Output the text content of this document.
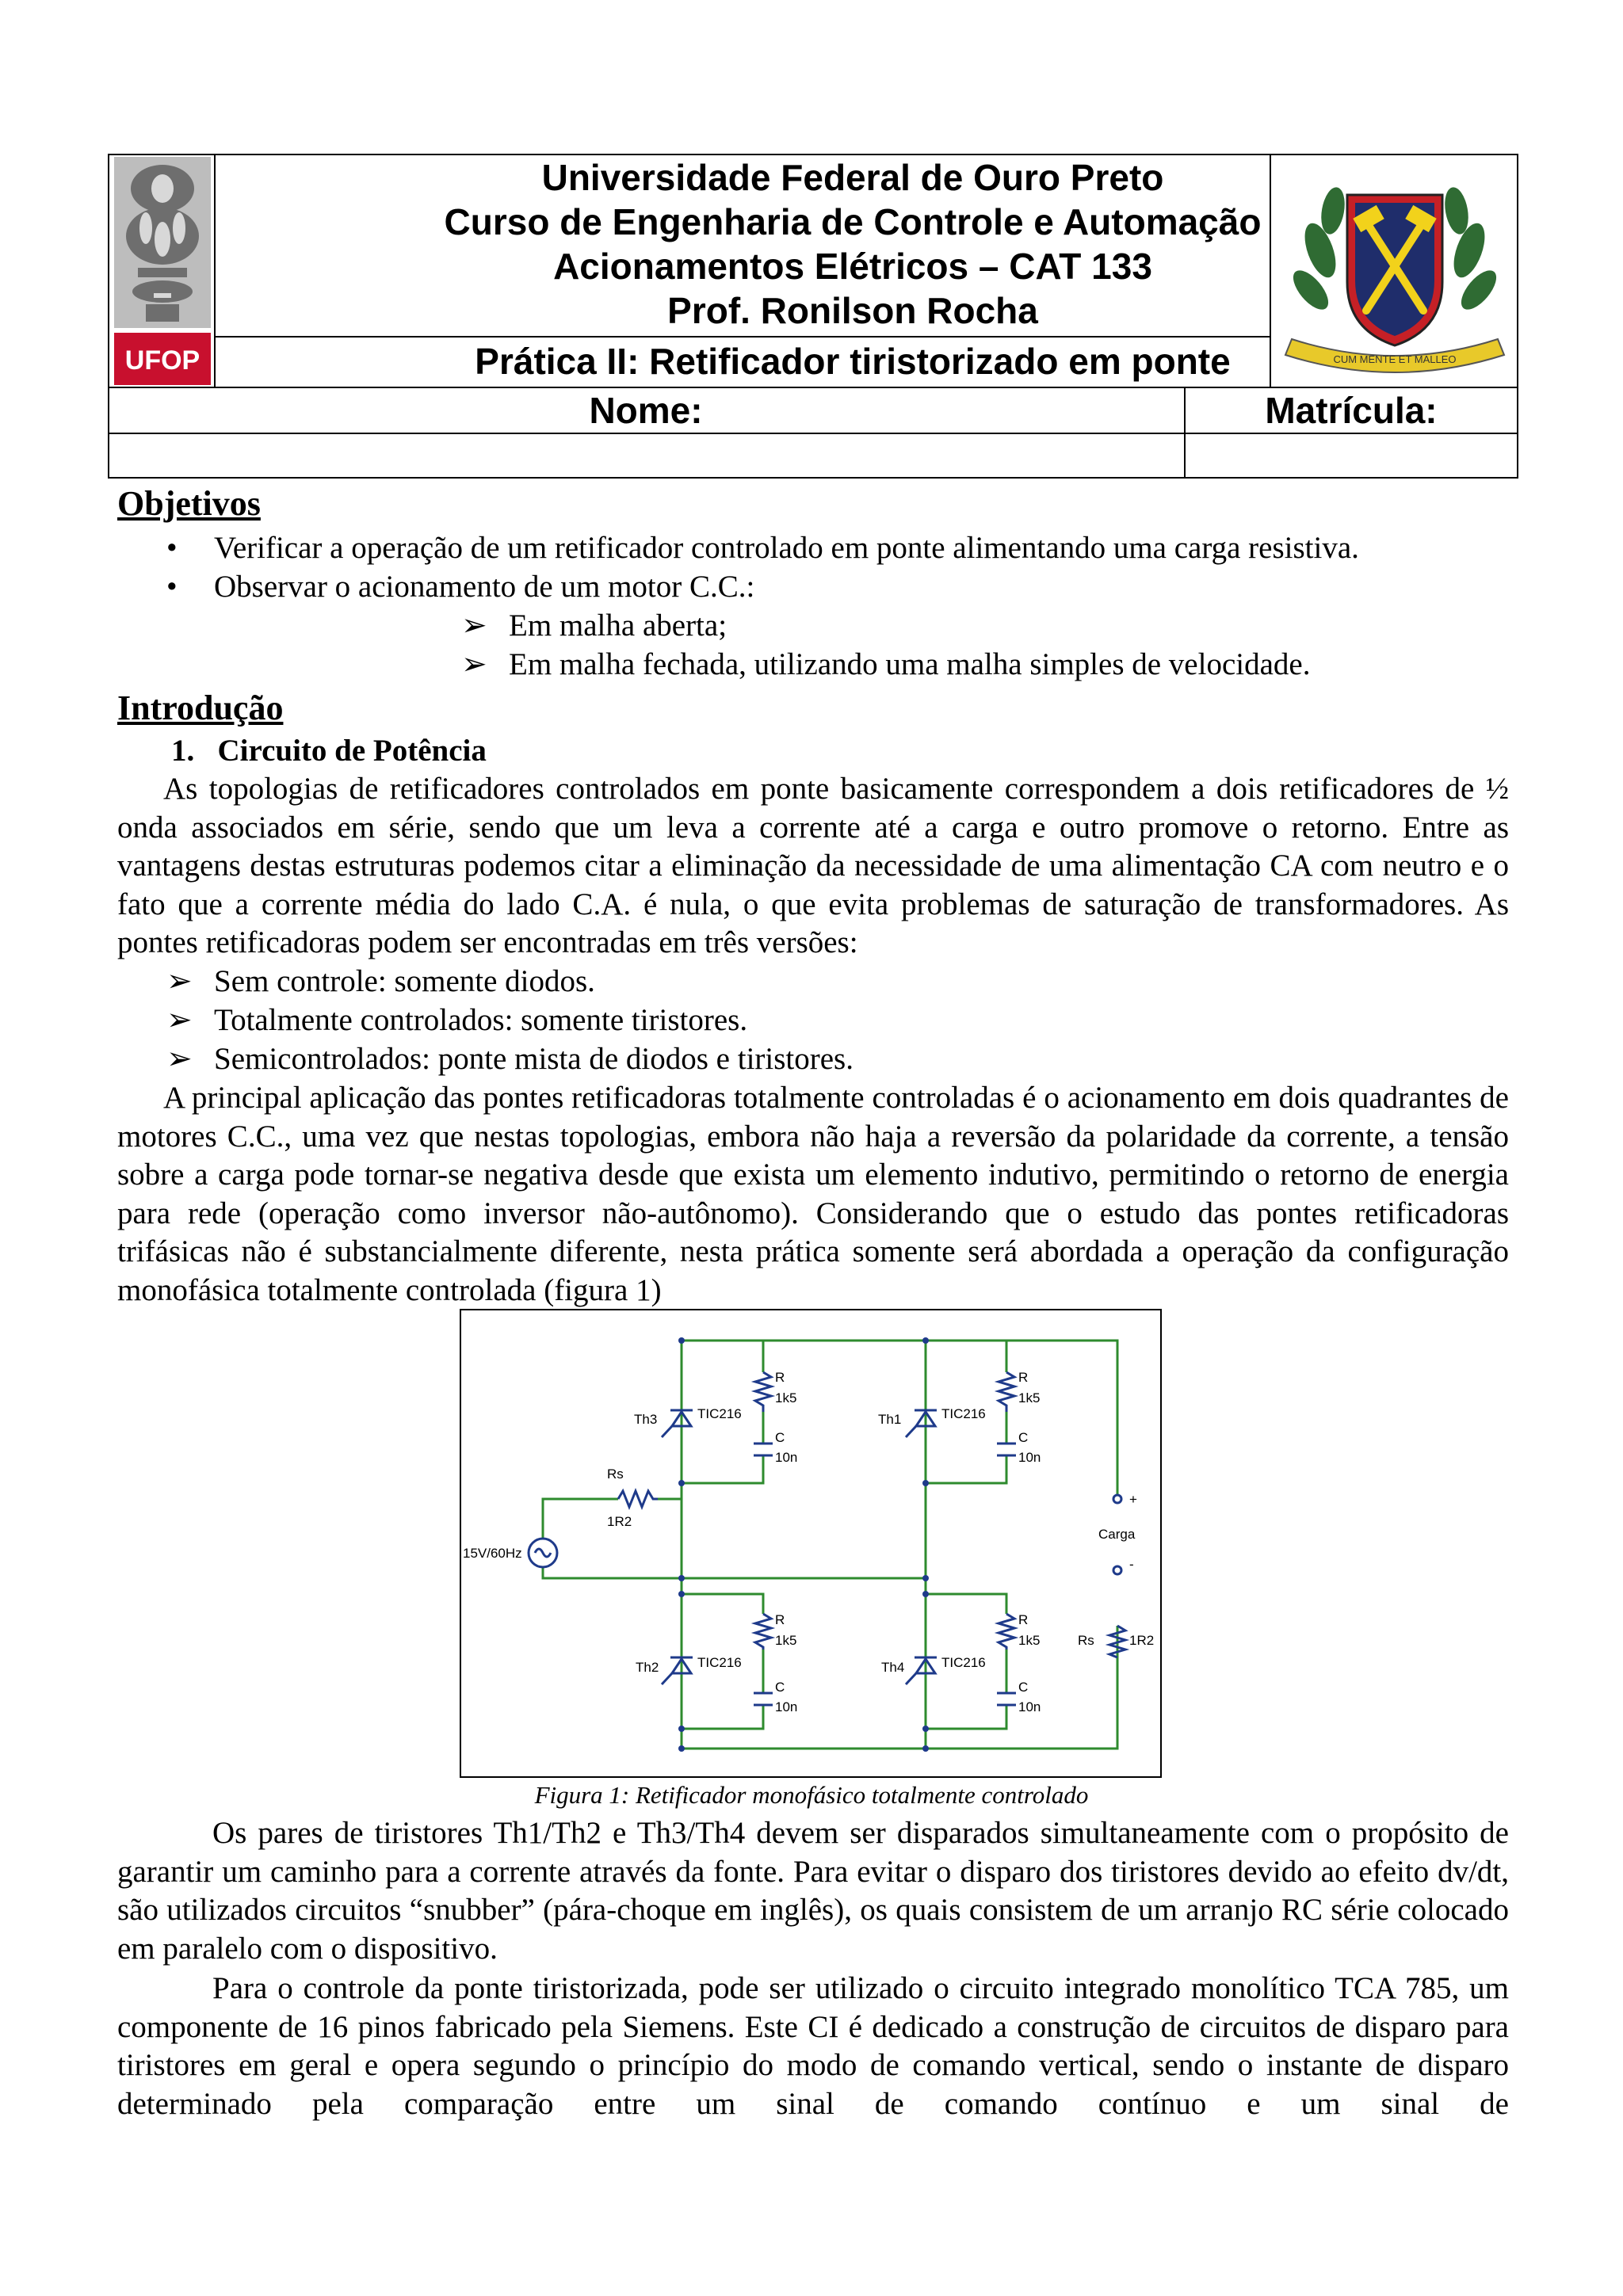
UFOP
Universidade Federal de Ouro Preto
Curso de Engenharia de Controle e Automação
Acionamentos Elétricos – CAT 133
Prof. Ronilson Rocha
Prática II: Retificador tiristorizado em ponte	CUM MENTE ET MALLEO
Nome:	Matrícula:
Objetivos
• Verificar a operação de um retificador controlado em ponte alimentando uma carga resistiva.
• Observar o acionamento de um motor C.C.:
➢ Em malha aberta;
➢ Em malha fechada, utilizando uma malha simples de velocidade.
Introdução
1.   Circuito de Potência

As topologias de retificadores controlados em ponte basicamente correspondem a dois retificadores de ½ onda associados em série, sendo que um leva a corrente até a carga e outro promove o retorno. Entre as vantagens destas estruturas podemos citar a eliminação da necessidade de uma alimentação CA com neutro e o fato que a corrente média do lado C.A. é nula, o que evita problemas de saturação de transformadores. As pontes retificadoras podem ser encontradas em três versões:

➢ Sem controle: somente diodos.
➢ Totalmente controlados: somente tiristores.
➢ Semicontrolados: ponte mista de diodos e tiristores.

A principal aplicação das pontes retificadoras totalmente controladas é o acionamento em dois quadrantes de motores C.C., uma vez que nestas topologias, embora não haja a reversão da polaridade da corrente, a tensão sobre a carga pode tornar-se negativa desde que exista um elemento indutivo, permitindo o retorno de energia para rede (operação como inversor não-autônomo). Considerando que o estudo das pontes retificadoras trifásicas não é substancialmente diferente, nesta prática somente será abordada a operação da configuração monofásica totalmente controlada (figura 1)

Th3	TIC216
R
1k5
C
10n
Th1	TIC216
R
1k5
C
10n
Th2	TIC216
R
1k5
C
10n
Th4	TIC216
R
1k5
C
10n
Rs
1R2
15V/60Hz
+
Carga
-
Rs	1R2
Figura 1: Retificador monofásico totalmente controlado

Os pares de tiristores Th1/Th2 e Th3/Th4 devem ser disparados simultaneamente com o propósito de garantir um caminho para a corrente através da fonte. Para evitar o disparo dos tiristores devido ao efeito dv/dt, são utilizados circuitos “snubber” (pára-choque em inglês), os quais consistem de um arranjo RC série colocado em paralelo com o dispositivo.

Para o controle da ponte tiristorizada, pode ser utilizado o circuito integrado monolítico TCA 785, um componente de 16 pinos fabricado pela Siemens. Este CI é dedicado a construção de circuitos de disparo para tiristores em geral e opera segundo o princípio do modo de comando vertical, sendo o instante de disparo determinado pela comparação entre um sinal de comando contínuo e um sinal de
